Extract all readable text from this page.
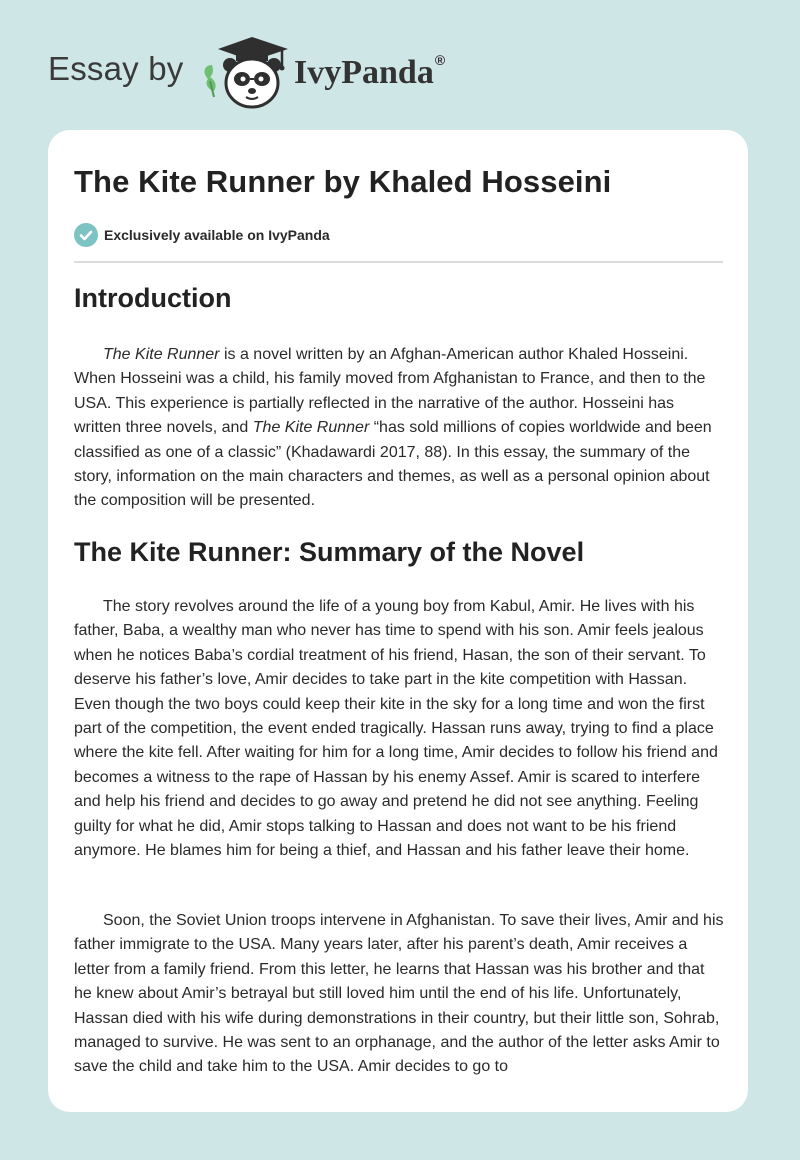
Essay by	IvyPanda®
The Kite Runner by Khaled Hosseini
Exclusively available on IvyPanda
Introduction

The Kite Runner is a novel written by an Afghan-American author Khaled Hosseini. When Hosseini was a child, his family moved from Afghanistan to France, and then to the USA. This experience is partially reflected in the narrative of the author. Hosseini has written three novels, and The Kite Runner “has sold millions of copies worldwide and been classified as one of a classic” (Khadawardi 2017, 88). In this essay, the summary of the story, information on the main characters and themes, as well as a personal opinion about the composition will be presented.

The Kite Runner: Summary of the Novel

The story revolves around the life of a young boy from Kabul, Amir. He lives with his father, Baba, a wealthy man who never has time to spend with his son. Amir feels jealous when he notices Baba’s cordial treatment of his friend, Hasan, the son of their servant. To deserve his father’s love, Amir decides to take part in the kite competition with Hassan. Even though the two boys could keep their kite in the sky for a long time and won the first part of the competition, the event ended tragically. Hassan runs away, trying to find a place where the kite fell. After waiting for him for a long time, Amir decides to follow his friend and becomes a witness to the rape of Hassan by his enemy Assef. Amir is scared to interfere and help his friend and decides to go away and pretend he did not see anything. Feeling guilty for what he did, Amir stops talking to Hassan and does not want to be his friend anymore. He blames him for being a thief, and Hassan and his father leave their home.

Soon, the Soviet Union troops intervene in Afghanistan. To save their lives, Amir and his father immigrate to the USA. Many years later, after his parent’s death, Amir receives a letter from a family friend. From this letter, he learns that Hassan was his brother and that he knew about Amir’s betrayal but still loved him until the end of his life. Unfortunately, Hassan died with his wife during demonstrations in their country, but their little son, Sohrab, managed to survive. He was sent to an orphanage, and the author of the letter asks Amir to save the child and take him to the USA. Amir decides to go to
